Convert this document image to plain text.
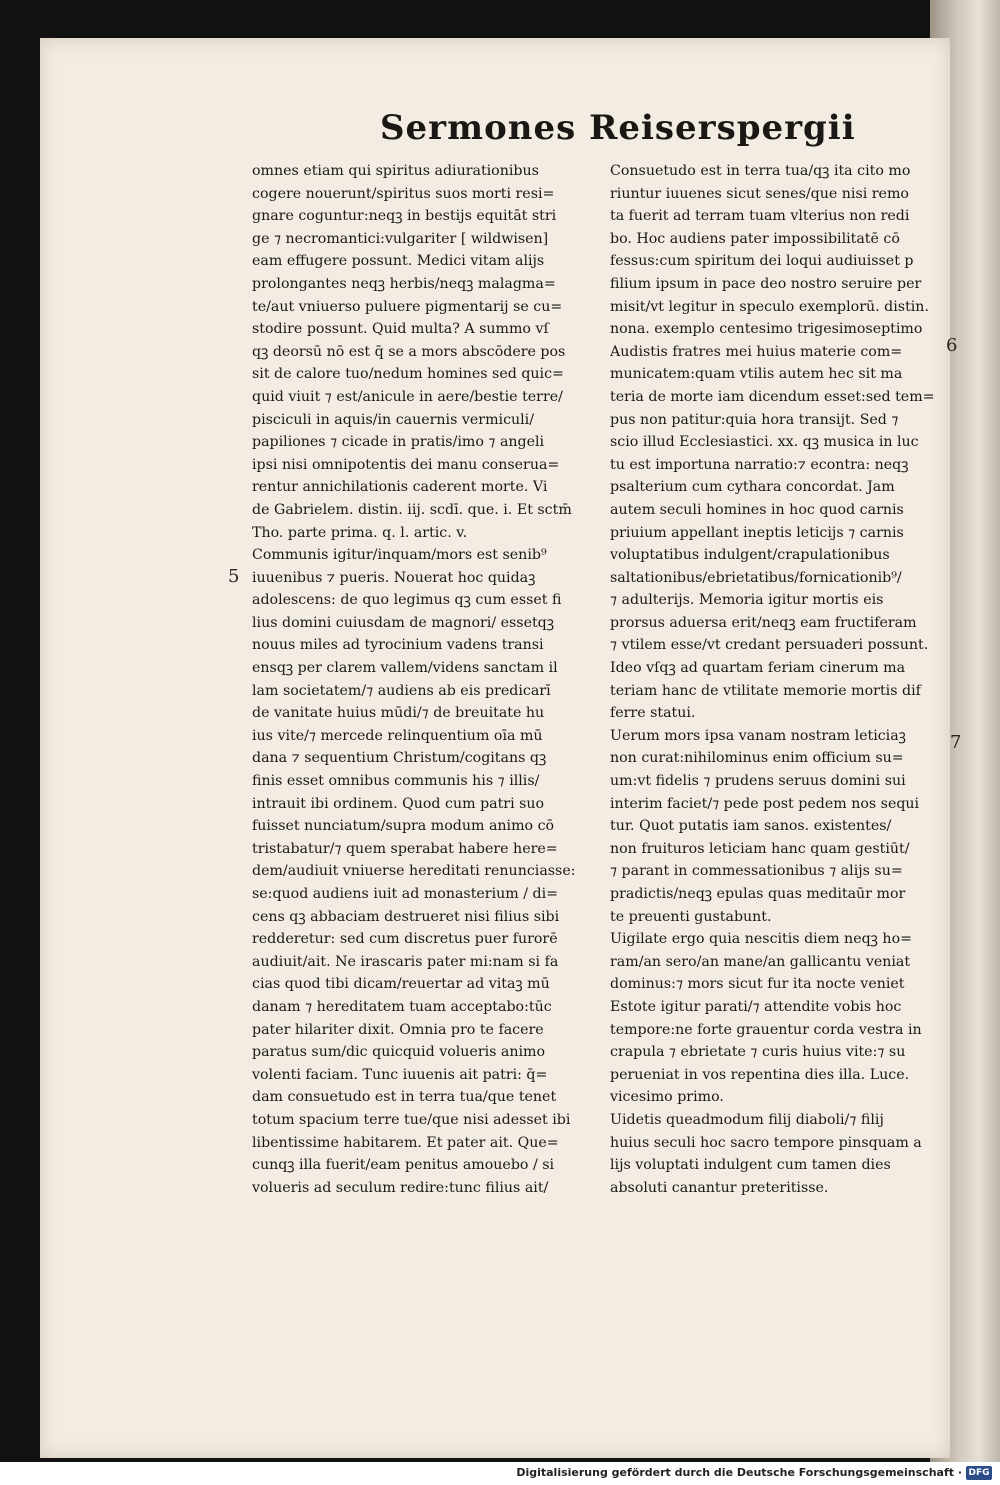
Sermones Reiserspergii
omnes etiam qui spiritus adiurationibus
cogere nouerunt/spiritus suos morti resi=
gnare coguntur:neqꝫ in bestijs equitāt stri
ge ⁊ necromantici:vulgariter [ wildwisen]
eam effugere possunt. Medici vitam alijs
prolongantes neqꝫ herbis/neqꝫ malagma=
te/aut vniuerso puluere pigmentarij se cu=
stodire possunt. Quid multa? A summo vſ
qꝫ deorsū nō est q̄ se a mors abscōdere pos
sit de calore tuo/nedum homines sed quic=
quid viuit ⁊ est/anicule in aere/bestie terre/
pisciculi in aquis/in cauernis vermiculi/
papiliones ⁊ cicade in pratis/imo ⁊ angeli
ipsi nisi omnipotentis dei manu conserua=
rentur annichilationis caderent morte. Vi
de Gabrielem. distin. iij. scdī. que. i. Et sctm̄
Tho. parte prima. q. l. artic. v.
Communis igitur/inquam/mors est senib⁹
iuuenibus ⁊ pueris. Nouerat hoc quidaꝫ
adolescens: de quo legimus qꝫ cum esset fi
lius domini cuiusdam de magnori/ essetqꝫ
nouus miles ad tyrocinium vadens transi
ensqꝫ per clarem vallem/videns sanctam il
lam societatem/⁊ audiens ab eis predicarī
de vanitate huius mūdi/⁊ de breuitate hu
ius vite/⁊ mercede relinquentium oīa mū
dana ⁊ sequentium Christum/cogitans qꝫ
finis esset omnibus communis his ⁊ illis/
intrauit ibi ordinem. Quod cum patri suo
fuisset nunciatum/supra modum animo cō
tristabatur/⁊ quem sperabat habere here=
dem/audiuit vniuerse hereditati renunciasse:
se:quod audiens iuit ad monasterium / di=
cens qꝫ abbaciam destrueret nisi filius sibi
redderetur: sed cum discretus puer furorē
audiuit/ait. Ne irascaris pater mi:nam si fa
cias quod tibi dicam/reuertar ad vitaꝫ mū
danam ⁊ hereditatem tuam acceptabo:tūc
pater hilariter dixit. Omnia pro te facere
paratus sum/dic quicquid volueris animo
volenti faciam. Tunc iuuenis ait patri: q̄=
dam consuetudo est in terra tua/que tenet
totum spacium terre tue/que nisi adesset ibi
libentissime habitarem. Et pater ait. Que=
cunqꝫ illa fuerit/eam penitus amouebo / si
volueris ad seculum redire:tunc filius ait/
Consuetudo est in terra tua/qꝫ ita cito mo
riuntur iuuenes sicut senes/que nisi remo
ta fuerit ad terram tuam vlterius non redi
bo. Hoc audiens pater impossibilitatē cō
fessus:cum spiritum dei loqui audiuisset p
filium ipsum in pace deo nostro seruire per
misit/vt legitur in speculo exemplorū. distin.
nona. exemplo centesimo trigesimoseptimo
Audistis fratres mei huius materie com=
municatem:quam vtilis autem hec sit ma
teria de morte iam dicendum esset:sed tem=
pus non patitur:quia hora transijt. Sed ⁊
scio illud Ecclesiastici. xx. qꝫ musica in luc
tu est importuna narratio:⁊ econtra: neqꝫ
psalterium cum cythara concordat. Jam
autem seculi homines in hoc quod carnis
priuium appellant ineptis leticijs ⁊ carnis
voluptatibus indulgent/crapulationibus
saltationibus/ebrietatibus/fornicationib⁹/
⁊ adulterijs. Memoria igitur mortis eis
prorsus aduersa erit/neqꝫ eam fructiferam
⁊ vtilem esse/vt credant persuaderi possunt.
Ideo vſqꝫ ad quartam feriam cinerum ma
teriam hanc de vtilitate memorie mortis dif
ferre statui.
Uerum mors ipsa vanam nostram leticiaꝫ
non curat:nihilominus enim officium su=
um:vt fidelis ⁊ prudens seruus domini sui
interim faciet/⁊ pede post pedem nos sequi
tur. Quot putatis iam sanos. existentes/
non fruituros leticiam hanc quam gestiūt/
⁊ parant in commessationibus ⁊ alijs su=
pradictis/neqꝫ epulas quas meditaūr mor
te preuenti gustabunt.
Uigilate ergo quia nescitis diem neqꝫ ho=
ram/an sero/an mane/an gallicantu veniat
dominus:⁊ mors sicut fur ita nocte veniet
Estote igitur parati/⁊ attendite vobis hoc
tempore:ne forte grauentur corda vestra in
crapula ⁊ ebrietate ⁊ curis huius vite:⁊ su
perueniat in vos repentina dies illa. Luce.
vicesimo primo.
Uidetis queadmodum filij diaboli/⁊ filij
huius seculi hoc sacro tempore pinsquam a
lijs voluptati indulgent cum tamen dies
absoluti canantur preteritisse.
5
6
7
Digitalisierung gefördert durch die Deutsche Forschungsgemeinschaft · DFG
